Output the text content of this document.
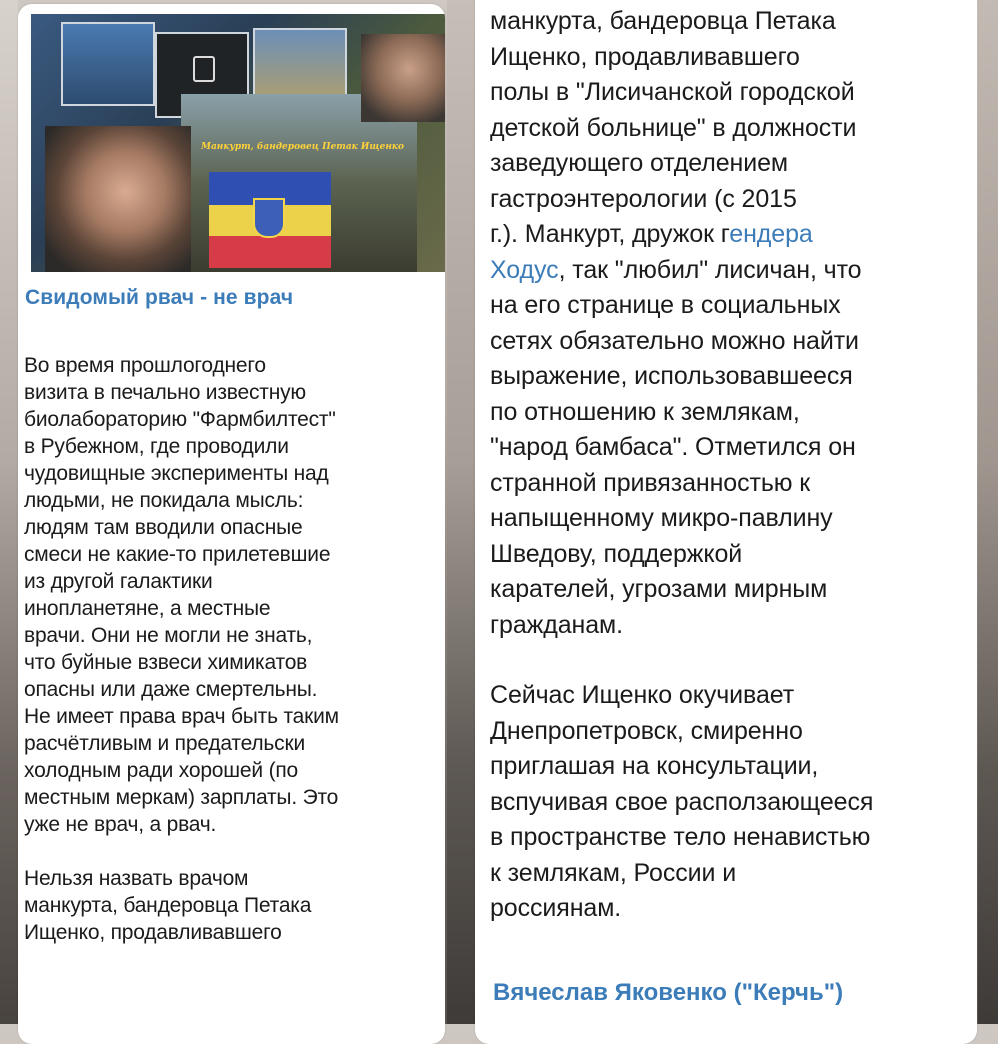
Манкурт, бандеровец Петак Ищенко
Свидомый рвач - не врач

Во время прошлогоднего
визита в печально известную
биолабораторию "Фармбилтест"
в Рубежном, где проводили
чудовищные эксперименты над
людьми, не покидала мысль:
людям там вводили опасные
смеси не какие-то прилетевшие
из другой галактики
инопланетяне, а местные
врачи. Они не могли не знать,
что буйные взвеси химикатов
опасны или даже смертельны.
Не имеет права врач быть таким
расчётливым и предательски
холодным ради хорошей (по
местным меркам) зарплаты. Это
уже не врач, а рвач.

Нельзя назвать врачом
манкурта, бандеровца Петака
Ищенко, продавливавшего

манкурта, бандеровца Петака
Ищенко, продавливавшего
полы в "Лисичанской городской
детской больнице" в должности
заведующего отделением
гастроэнтерологии (с 2015
г.). Манкурт, дружок гендера
Ходус, так "любил" лисичан, что
на его странице в социальных
сетях обязательно можно найти
выражение, использовавшееся
по отношению к землякам,
"народ бамбаса". Отметился он
странной привязанностью к
напыщенному микро-павлину
Шведову, поддержкой
карателей, угрозами мирным
гражданам.

Сейчас Ищенко окучивает
Днепропетровск, смиренно
приглашая на консультации,
вспучивая свое расползающееся
в пространстве тело ненавистью
к землякам, России и
россиянам.

Вячеслав Яковенко ("Керчь")
